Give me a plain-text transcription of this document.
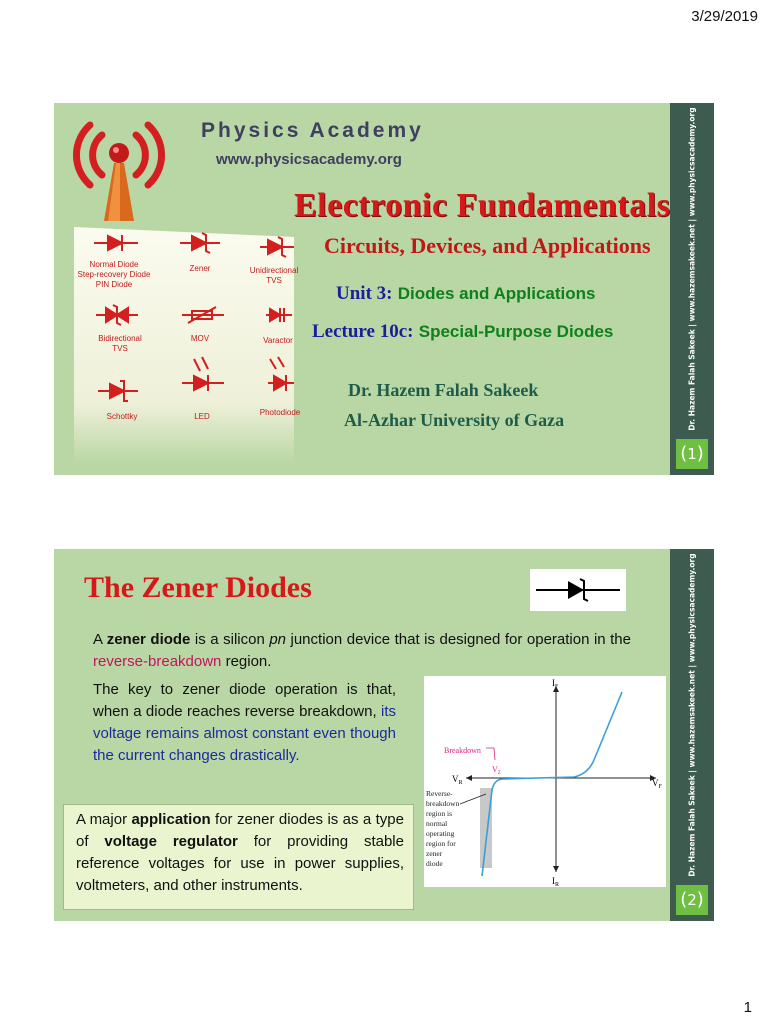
3/29/2019
Physics Academy
www.physicsacademy.org
Normal Diode
Step-recovery Diode
PIN Diode
Zener	Unidirectional
TVS
Bidirectional
TVS
MOV	Varactor
Schottky	LED	Photodiode
Electronic Fundamentals
Circuits, Devices, and Applications
Unit 3: Diodes and Applications
Lecture 10c: Special-Purpose Diodes
Dr. Hazem Falah Sakeek
Al-Azhar University of Gaza	Dr. Hazem Falah Sakeek | www.hazemsakeek.net | www.physicsacademy.org
(1)
The Zener Diodes
A zener diode is a silicon pn junction device that is designed for operation in the reverse-breakdown region.
The key to zener diode operation is that, when a diode reaches reverse breakdown, its voltage remains almost constant even though the current changes drastically.
A major application for zener diodes is as a type of voltage regulator for providing stable reference voltages for use in power supplies, voltmeters, and other instruments.
$I_F$
$I_R$
$V_R$	$V_F$
Breakdown
$V_Z$
Reverse-
breakdown
region is
normal
operating
region for
zener
diode	Dr. Hazem Falah Sakeek | www.hazemsakeek.net | www.physicsacademy.org
(2)
1
